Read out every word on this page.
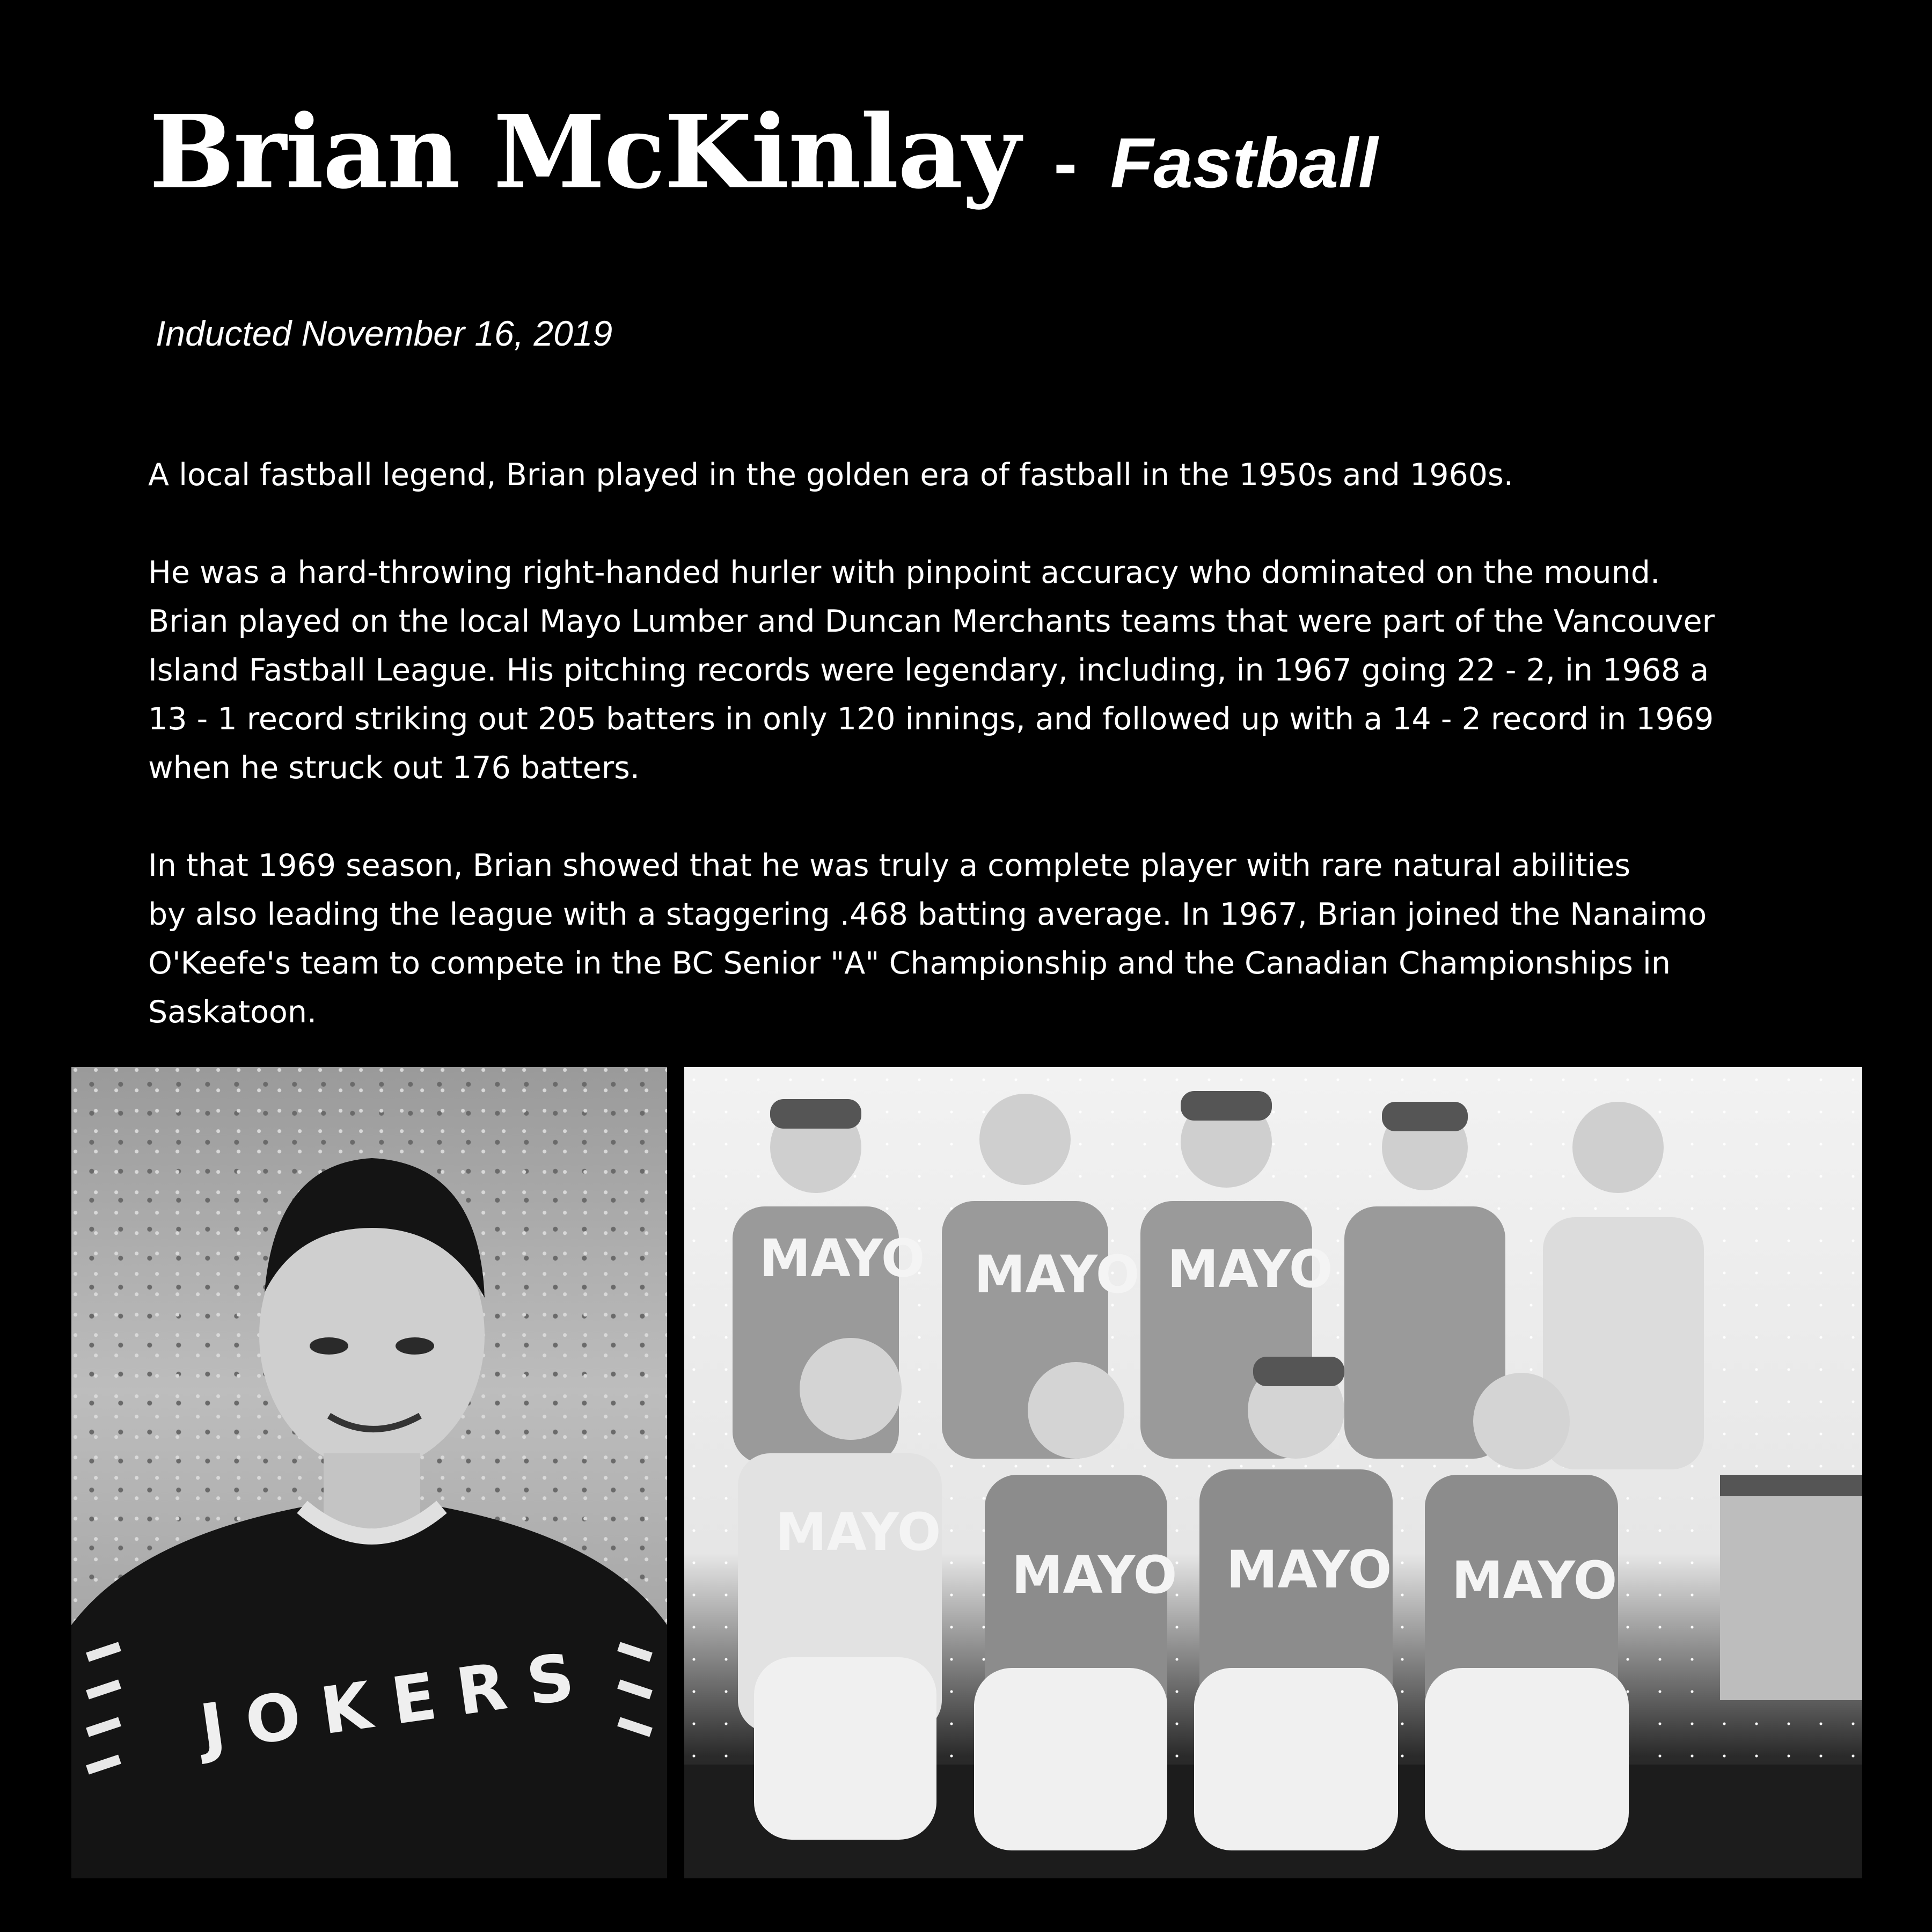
Brian McKinlay - Fastball
Inducted November 16, 2019

A local fastball legend, Brian played in the golden era of fastball in the 1950s and 1960s.

He was a hard-throwing right-handed hurler with pinpoint accuracy who dominated on the mound.
Brian played on the local Mayo Lumber and Duncan Merchants teams that were part of the Vancouver
Island Fastball League. His pitching records were legendary, including, in 1967 going 22 - 2, in 1968 a
13 - 1 record striking out 205 batters in only 120 innings, and followed up with a 14 - 2 record in 1969
when he struck out 176 batters.

In that 1969 season, Brian showed that he was truly a complete player with rare natural abilities
by also leading the league with a staggering .468 batting average. In 1967, Brian joined the Nanaimo
O'Keefe's team to compete in the BC Senior "A" Championship and the Canadian Championships in
Saskatoon.

JOKERS
MAYO MAYO MAYO
MAYO
MAYO MAYO MAYO
